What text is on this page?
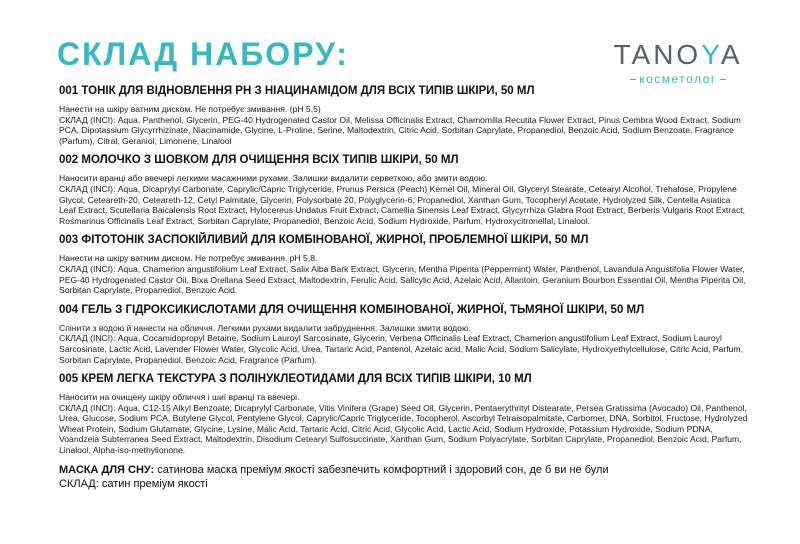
СКЛАД НАБОРУ:	TANOYA
косметолог
001 ТОНІК ДЛЯ ВІДНОВЛЕННЯ PH З НІАЦИНАМІДОМ ДЛЯ ВСІХ ТИПІВ ШКІРИ, 50 МЛ

Нанести на шкіру ватним диском. Не потребує змивання. (pH 5,5)

СКЛАД (INCI): Aqua, Panthenol, Glycerin, PEG-40 Hydrogenated Castor Oil, Melissa Officinalis Extract, Chamomilla Recutita Flower Extract, Pinus Cembra Wood Extract, Sodium PCA, Dipotassium Glycyrrhizinate, Niacinamide, Glycine, L-Proline, Serine, Maltodextrin, Citric Acid, Sorbitan Caprylate, Propanediol, Benzoic Acid, Sodium Benzoate, Fragrance (Parfum), Citral, Geraniol, Limonene, Linalool

002 МОЛОЧКО З ШОВКОМ ДЛЯ ОЧИЩЕННЯ ВСІХ ТИПІВ ШКІРИ, 50 МЛ

Наносити вранці або ввечері легкими масажними рухами. Залишки видалити серветкою, або змити водою.

СКЛАД (INCI): Aqua, Dicaprylyl Carbonate, Caprylic/Capric Triglyceride, Prunus Persica (Peach) Kernel Oil, Mineral Oil, Glyceryl Stearate, Cetearyl Alcohol, Trehalose, Propylene Glycol, Ceteareth-20, Ceteareth-12, Cetyl Palmitate, Glycerin, Polysorbate 20, Polyglycerin-6, Propanediol, Xanthan Gum, Tocopheryl Acetate, Hydrolyzed Silk, Centella Asiatica Leaf Extract, Scutellaria Baicalensis Root Extract, Hylocereus Undatus Fruit Extract, Camellia Sinensis Leaf Extract, Glycyrrhiza Glabra Root Extract, Berberis Vulgaris Root Extract, Rosmarinus Officinalis Leaf Extract, Sorbitan Caprylate, Propanediol, Benzoic Acid, Sodium Hydroxide, Parfum, Hydroxycitronellal, Linalool.

003 ФІТОТОНІК ЗАСПОКІЙЛИВИЙ ДЛЯ КОМБІНОВАНОЇ, ЖИРНОЇ, ПРОБЛЕМНОЇ ШКІРИ, 50 МЛ

Нанести на шкіру ватним диском. Не потребує змивання. pH 5,8.

СКЛАД (INCI): Aqua, Chamerion angustifolium Leaf Extract, Salix Alba Bark Extract, Glycerin, Mentha Piperita (Peppermint) Water, Panthenol, Lavandula Angustifolia Flower Water, PEG-40 Hydrogenated Castor Oil, Bixa Orellana Seed Extract, Maltodextrin, Ferulic Acid, Salicylic Acid, Azelaic Acid, Allantoin, Geranium Bourbon Essential Oil, Mentha Piperita Oil, Sorbitan Caprylate, Propanediol, Benzoic Acid.

004 ГЕЛЬ З ГІДРОКСИКИСЛОТАМИ ДЛЯ ОЧИЩЕННЯ КОМБІНОВАНОЇ, ЖИРНОЇ, ТЬМЯНОЇ ШКІРИ, 50 МЛ

Спінити з водою й нанести на обличчя. Легкими рухами видалити забруднення. Залишки змити водою.

СКЛАД (INCI): Aqua, Cocamidopropyl Betaine, Sodium Lauroyl Sarcosinate, Glycerin, Verbena Officinalis Leaf Extract, Chamerion angustifolium Leaf Extract, Sodium Lauroyl Sarcosinate, Lactic Acid, Lavender Flower Water, Glycolic Acid, Urea, Tartaric Acid, Pantenol, Azelaic acid, Malic Acid, Sodium Salicylate, Hydroxyethylcellulose, Citric Acid, Parfum, Sorbitan Caprylate, Propanediol, Benzoic Acid, Fragrance (Parfum).

005 КРЕМ ЛЕГКА ТЕКСТУРА З ПОЛІНУКЛЕОТИДАМИ ДЛЯ ВСІХ ТИПІВ ШКІРИ, 10 МЛ

Наносити на очищену шкіру обличчя і шиї вранці та ввечері.

СКЛАД (INCI): Aqua, C12-15 Alkyl Benzoate, Dicaprylyl Carbonate, Vitis Vinifera (Grape) Seed Oil, Glycerin, Pentaerythrityl Distearate, Persea Gratissima (Avocado) Oil, Panthenol, Urea, Glucose, Sodium PCA, Butylene Glycol, Pentylene Glycol, Caprylic/Capric Triglyceride, Tocopherol, Ascorbyl Tetraisopalmitate, Carbomer, DNA, Sorbitol, Fructose, Hydrolyzed Wheat Protein, Sodium Glutamate, Glycine, Lysine, Malic Acid, Tartaric Acid, Citric Acid, Glycolic Acid, Lactic Acid, Sodium Hydroxide, Potassium Hydroxide, Sodium PDNA, Voandzeia Subterranea Seed Extract, Maltodextrin, Disodium Cetearyl Sulfosuccinate, Xanthan Gum, Sodium Polyacrylate, Sorbitan Caprylate, Propanediol, Benzoic Acid, Parfum, Linalool, Alpha-iso-methylionone.

МАСКА ДЛЯ СНУ: сатинова маска преміум якості забезпечить комфортний і здоровий сон, де б ви не були
СКЛАД: сатин преміум якості
